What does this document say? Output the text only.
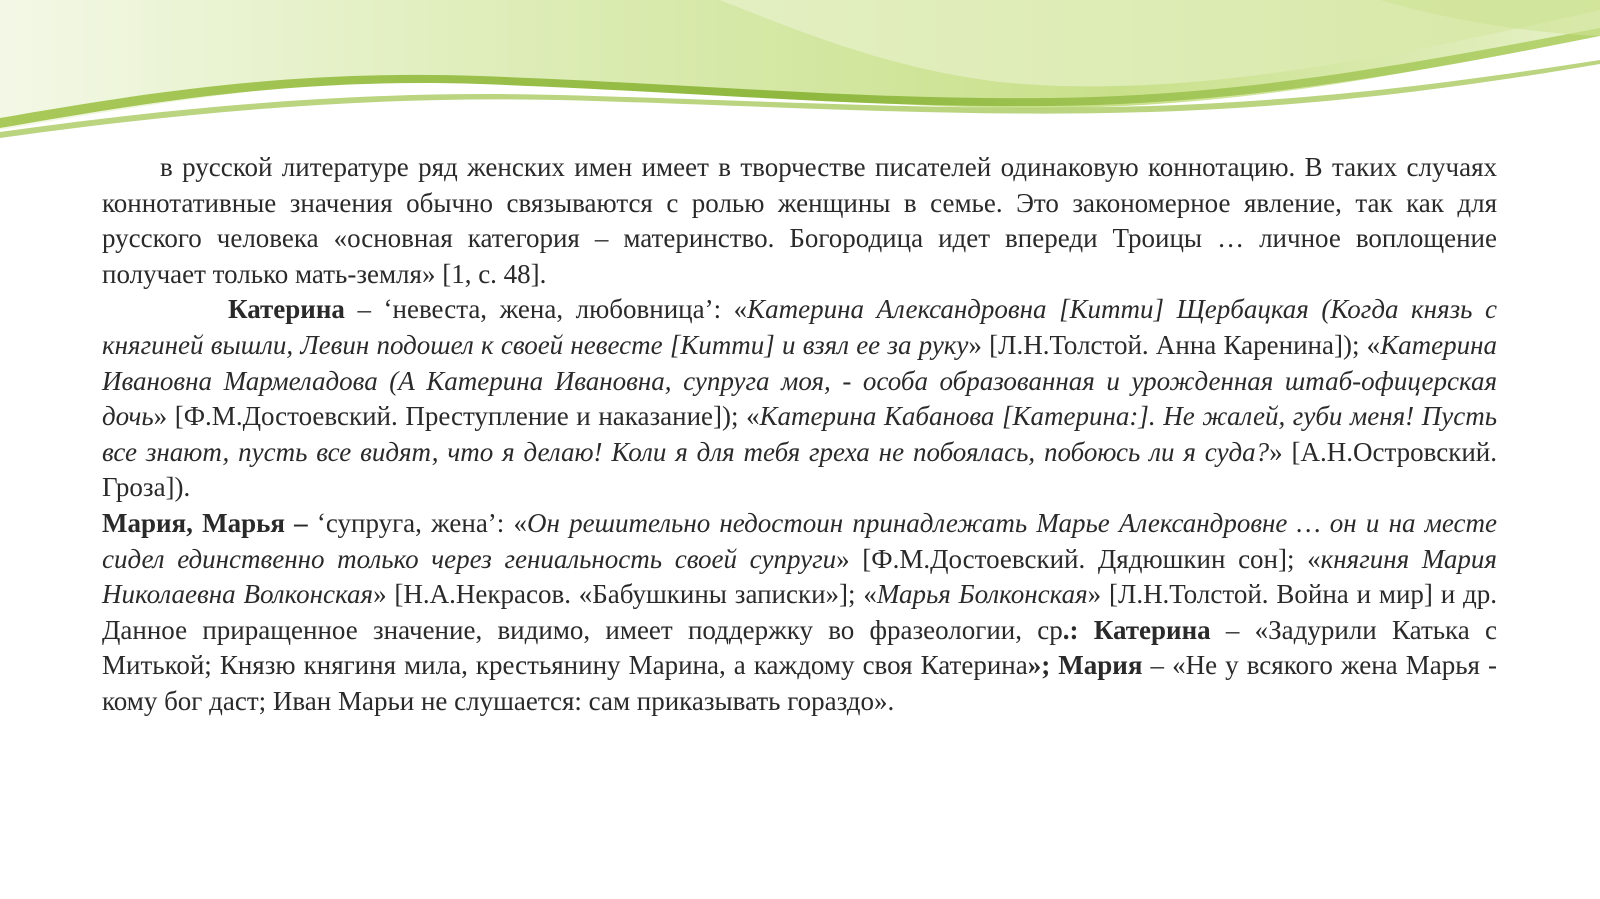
в русской литературе ряд женских имен имеет в творчестве писателей одинаковую коннотацию. В таких случаях коннотативные значения обычно связываются с ролью женщины в семье. Это закономерное явление, так как для русского человека «основная категория – материнство. Богородица идет впереди Троицы … личное воплощение получает только мать-земля» [1, с. 48].

Катерина – ‘невеста, жена, любовница’: «Катерина Александровна [Китти] Щербацкая (Когда князь с княгиней вышли, Левин подошел к своей невесте [Китти] и взял ее за руку» [Л.Н.Толстой. Анна Каренина]); «Катерина Ивановна Мармеладова (А Катерина Ивановна, супруга моя, - особа образованная и урожденная штаб-офицерская дочь» [Ф.М.Достоевский. Преступление и наказание]); «Катерина Кабанова [Катерина:]. Не жалей, губи меня! Пусть все знают, пусть все видят, что я делаю! Коли я для тебя греха не побоялась, побоюсь ли я суда?» [А.Н.Островский. Гроза]).

Мария, Марья – ‘супруга, жена’: «Он решительно недостоин принадлежать Марье Александровне … он и на месте сидел единственно только через гениальность своей супруги» [Ф.М.Достоевский. Дядюшкин сон]; «княгиня Мария Николаевна Волконская» [Н.А.Некрасов. «Бабушкины записки»]; «Марья Болконская» [Л.Н.Толстой. Война и мир] и др. Данное приращенное значение, видимо, имеет поддержку во фразеологии, ср.: Катерина – «Задурили Катька с Митькой; Князю княгиня мила, крестьянину Марина, а каждому своя Катерина»; Мария – «Не у всякого жена Марья - кому бог даст; Иван Марьи не слушается: сам приказывать гораздо».
